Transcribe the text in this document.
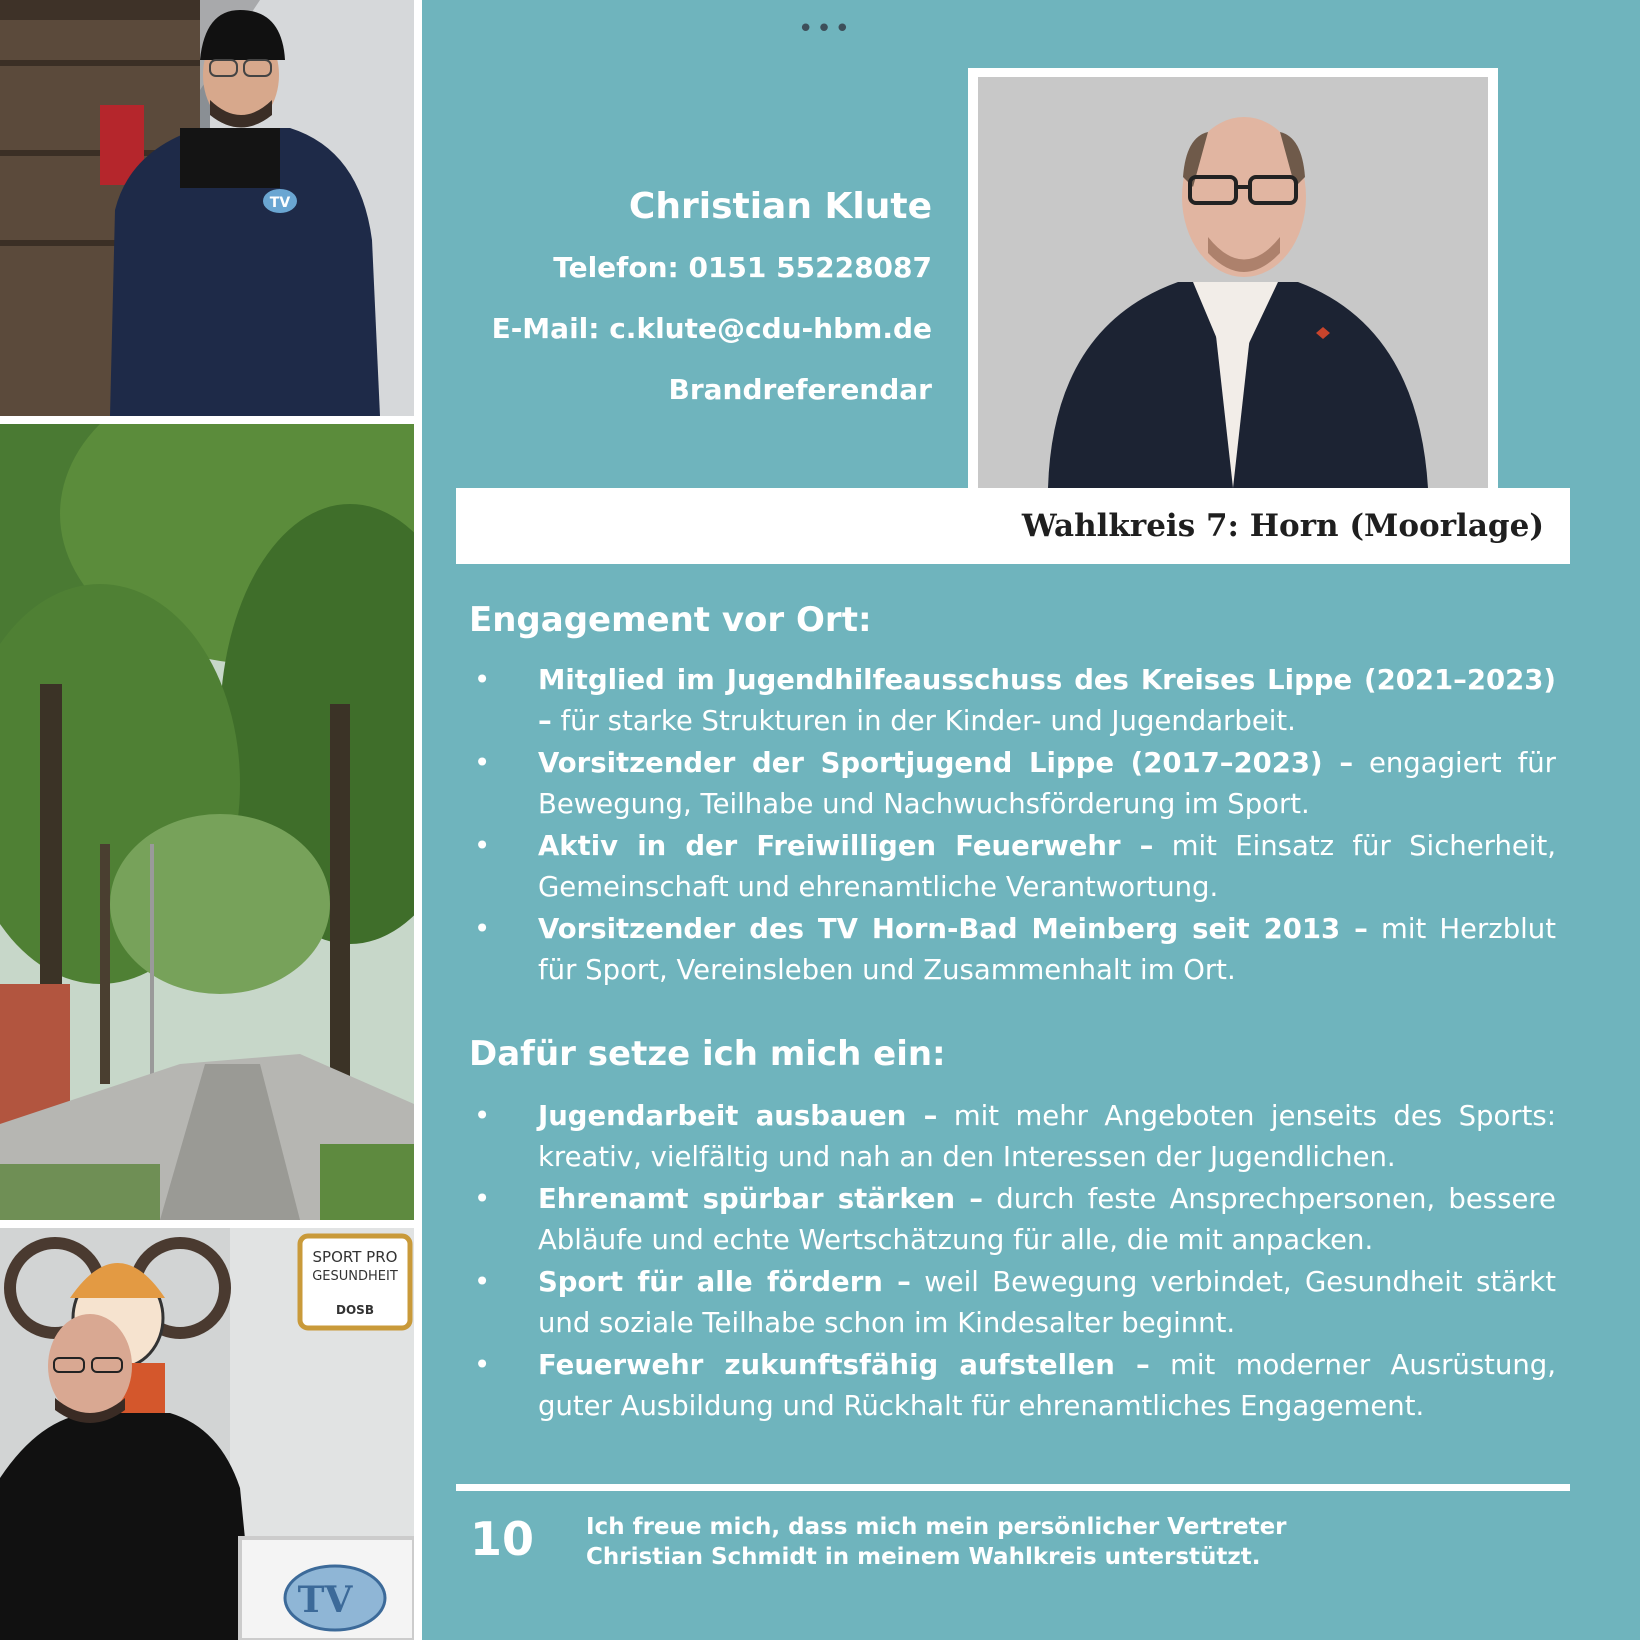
TV
SPORT PRO
GESUNDHEIT
DOSB
TV
•••

Christian Klute

Telefon: 0151 55228087

E-Mail: c.klute@cdu-hbm.de

Brandreferendar

Wahlkreis 7: Horn (Moorlage)
Engagement vor Ort:
• Mitglied im Jugendhilfeausschuss des Kreises Lippe (2021–2023) – für starke Strukturen in der Kinder- und Jugendarbeit.
• Vorsitzender der Sportjugend Lippe (2017–2023) – engagiert für Bewegung, Teilhabe und Nachwuchsförderung im Sport.
• Aktiv in der Freiwilligen Feuerwehr – mit Einsatz für Sicherheit, Gemeinschaft und ehrenamtliche Verantwortung.
• Vorsitzender des TV Horn-Bad Meinberg seit 2013 – mit Herzblut für Sport, Vereinsleben und Zusammenhalt im Ort.
Dafür setze ich mich ein:
• Jugendarbeit ausbauen – mit mehr Angeboten jenseits des Sports: kreativ, vielfältig und nah an den Interessen der Jugendlichen.
• Ehrenamt spürbar stärken – durch feste Ansprechpersonen, bessere Abläufe und echte Wertschätzung für alle, die mit anpacken.
• Sport für alle fördern – weil Bewegung verbindet, Gesundheit stärkt und soziale Teilhabe schon im Kindesalter beginnt.
• Feuerwehr zukunftsfähig aufstellen – mit moderner Ausrüstung, guter Ausbildung und Rückhalt für ehrenamtliches Engagement.
10 Ich freue mich, dass mich mein persönlicher Vertreter Christian Schmidt in meinem Wahlkreis unterstützt.
